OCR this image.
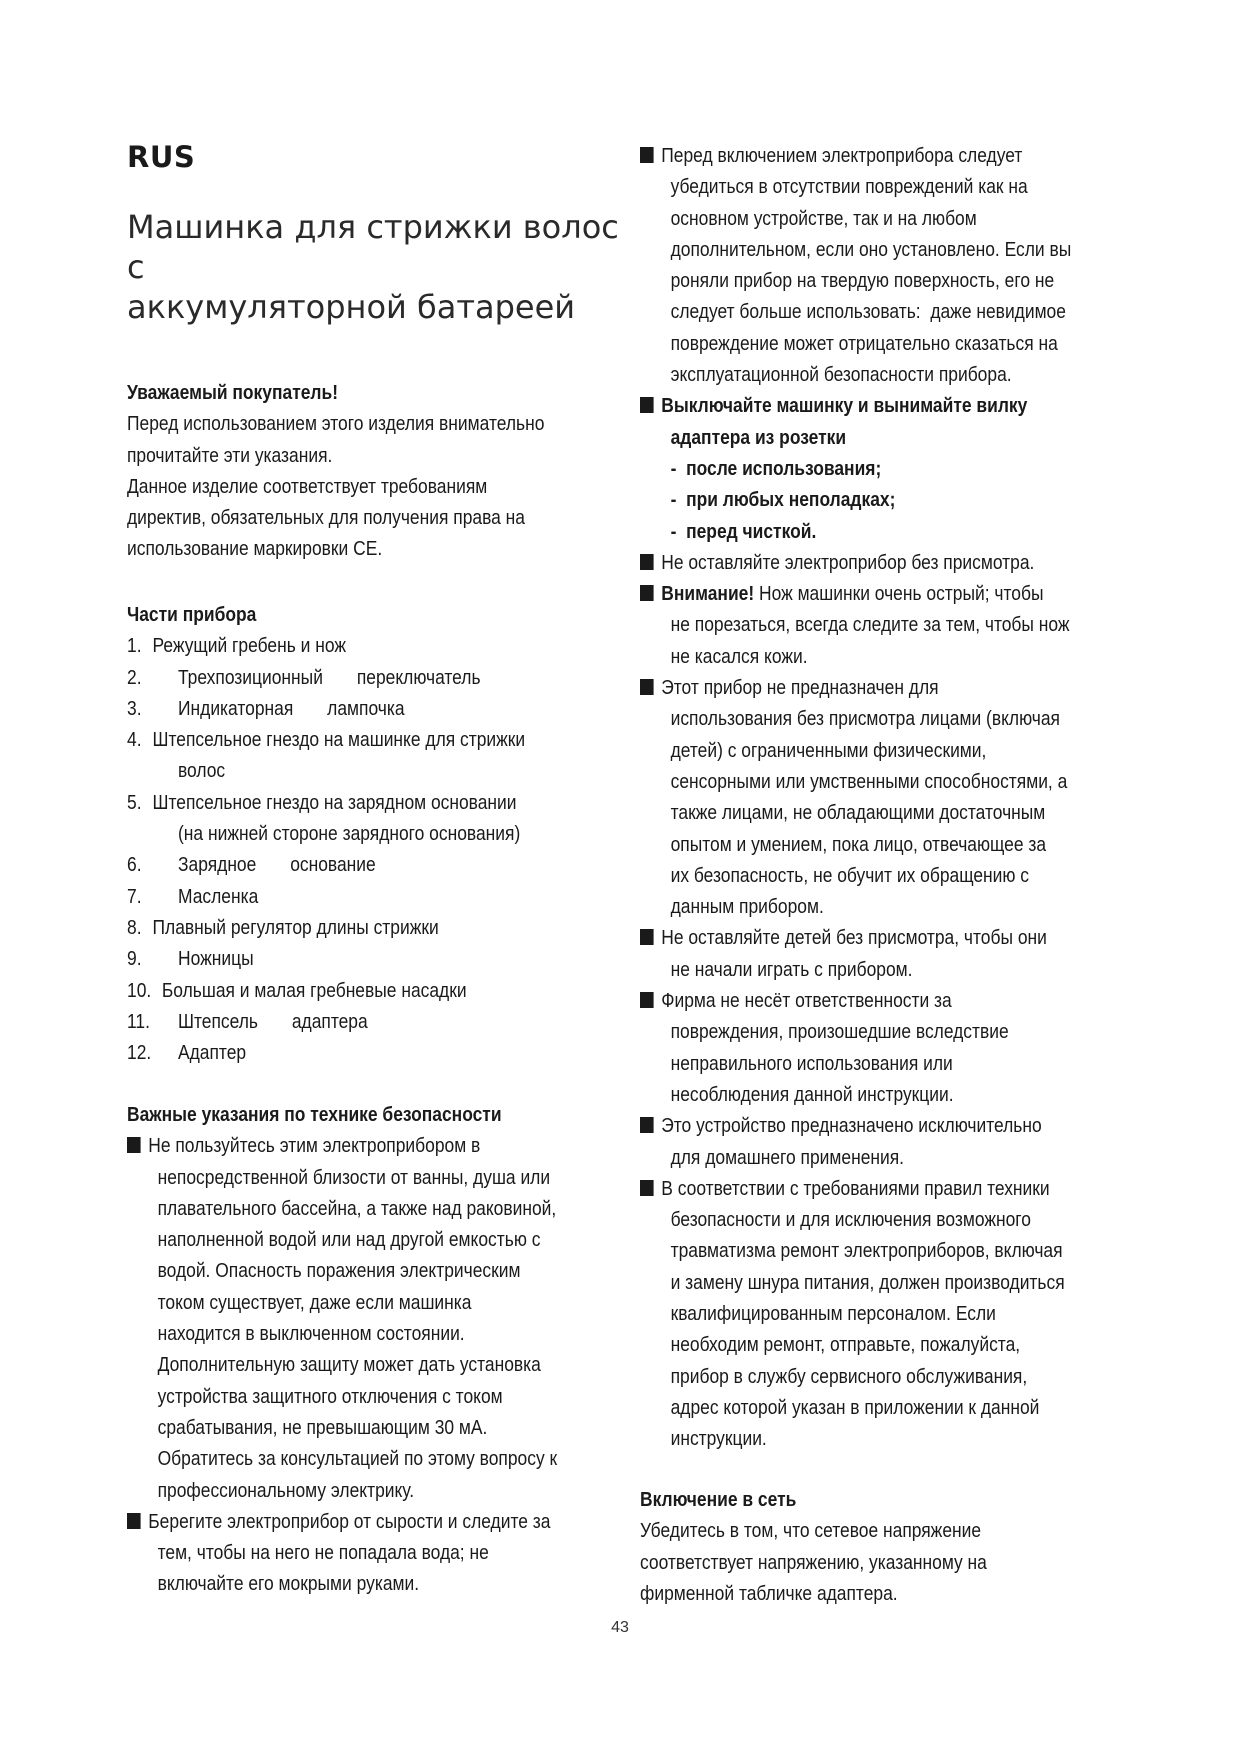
RUS
Машинка для стрижки волос с
аккумуляторной батареей
Уважаемый покупатель!
Перед использованием этого изделия внимательно
прочитайте эти указания.
Данное изделие соответствует требованиям
директив, обязательных для получения права на
использование маркировки CE.
Части прибора
1. Режущий гребень и нож
2. Трехпозиционный       переключатель
3. Индикаторная       лампочка
4. Штепсельное гнездо на машинке для стрижки
волос
5. Штепсельное гнездо на зарядном основании
(на нижней стороне зарядного основания)
6. Зарядное       основание
7. Масленка
8. Плавный регулятор длины стрижки
9. Ножницы
10. Большая и малая гребневые насадки
11. Штепсель       адаптера
12. Адаптер
Важные указания по технике безопасности
Не пользуйтесь этим электроприбором в
непосредственной близости от ванны, душа или
плавательного бассейна, а также над раковиной,
наполненной водой или над другой емкостью с
водой. Опасность поражения электрическим
током существует, даже если машинка
находится в выключенном состоянии.
Дополнительную защиту может дать установка
устройства защитного отключения с током
срабатывания, не превышающим 30 мА.
Обратитесь за консультацией по этому вопросу к
профессиональному электрику.
Берегите электроприбор от сырости и следите за
тем, чтобы на него не попадала вода; не
включайте его мокрыми руками.
Перед включением электроприбора следует
убедиться в отсутствии повреждений как на
основном устройстве, так и на любом
дополнительном, если оно установлено. Если вы
роняли прибор на твердую поверхность, его не
следует больше использовать:  даже невидимое
повреждение может отрицательно сказаться на
эксплуатационной безопасности прибора.
Выключайте машинку и вынимайте вилку
адаптера из розетки
-  после использования;
-  при любых неполадках;
-  перед чисткой.
Не оставляйте электроприбор без присмотра.
Внимание! Нож машинки очень острый; чтобы
не порезаться, всегда следите за тем, чтобы нож
не касался кожи.
Этот прибор не предназначен для
использования без присмотра лицами (включая
детей) с ограниченными физическими,
сенсорными или умственными способностями, а
также лицами, не обладающими достаточным
опытом и умением, пока лицо, отвечающее за
их безопасность, не обучит их обращению с
данным прибором.
Не оставляйте детей без присмотра, чтобы они
не начали играть с прибором.
Фирма не несёт ответственности за
повреждения, произошедшие вследствие
неправильного использования или
несоблюдения данной инструкции.
Это устройство предназначено исключительно
для домашнего применения.
В соответствии с требованиями правил техники
безопасности и для исключения возможного
травматизма ремонт электроприборов, включая
и замену шнура питания, должен производиться
квалифицированным персоналом. Если
необходим ремонт, отправьте, пожалуйста,
прибор в службу сервисного обслуживания,
адрес которой указан в приложении к данной
инструкции.
Включение в сеть
Убедитесь в том, что сетевое напряжение
соответствует напряжению, указанному на
фирменной табличке адаптера.
43
